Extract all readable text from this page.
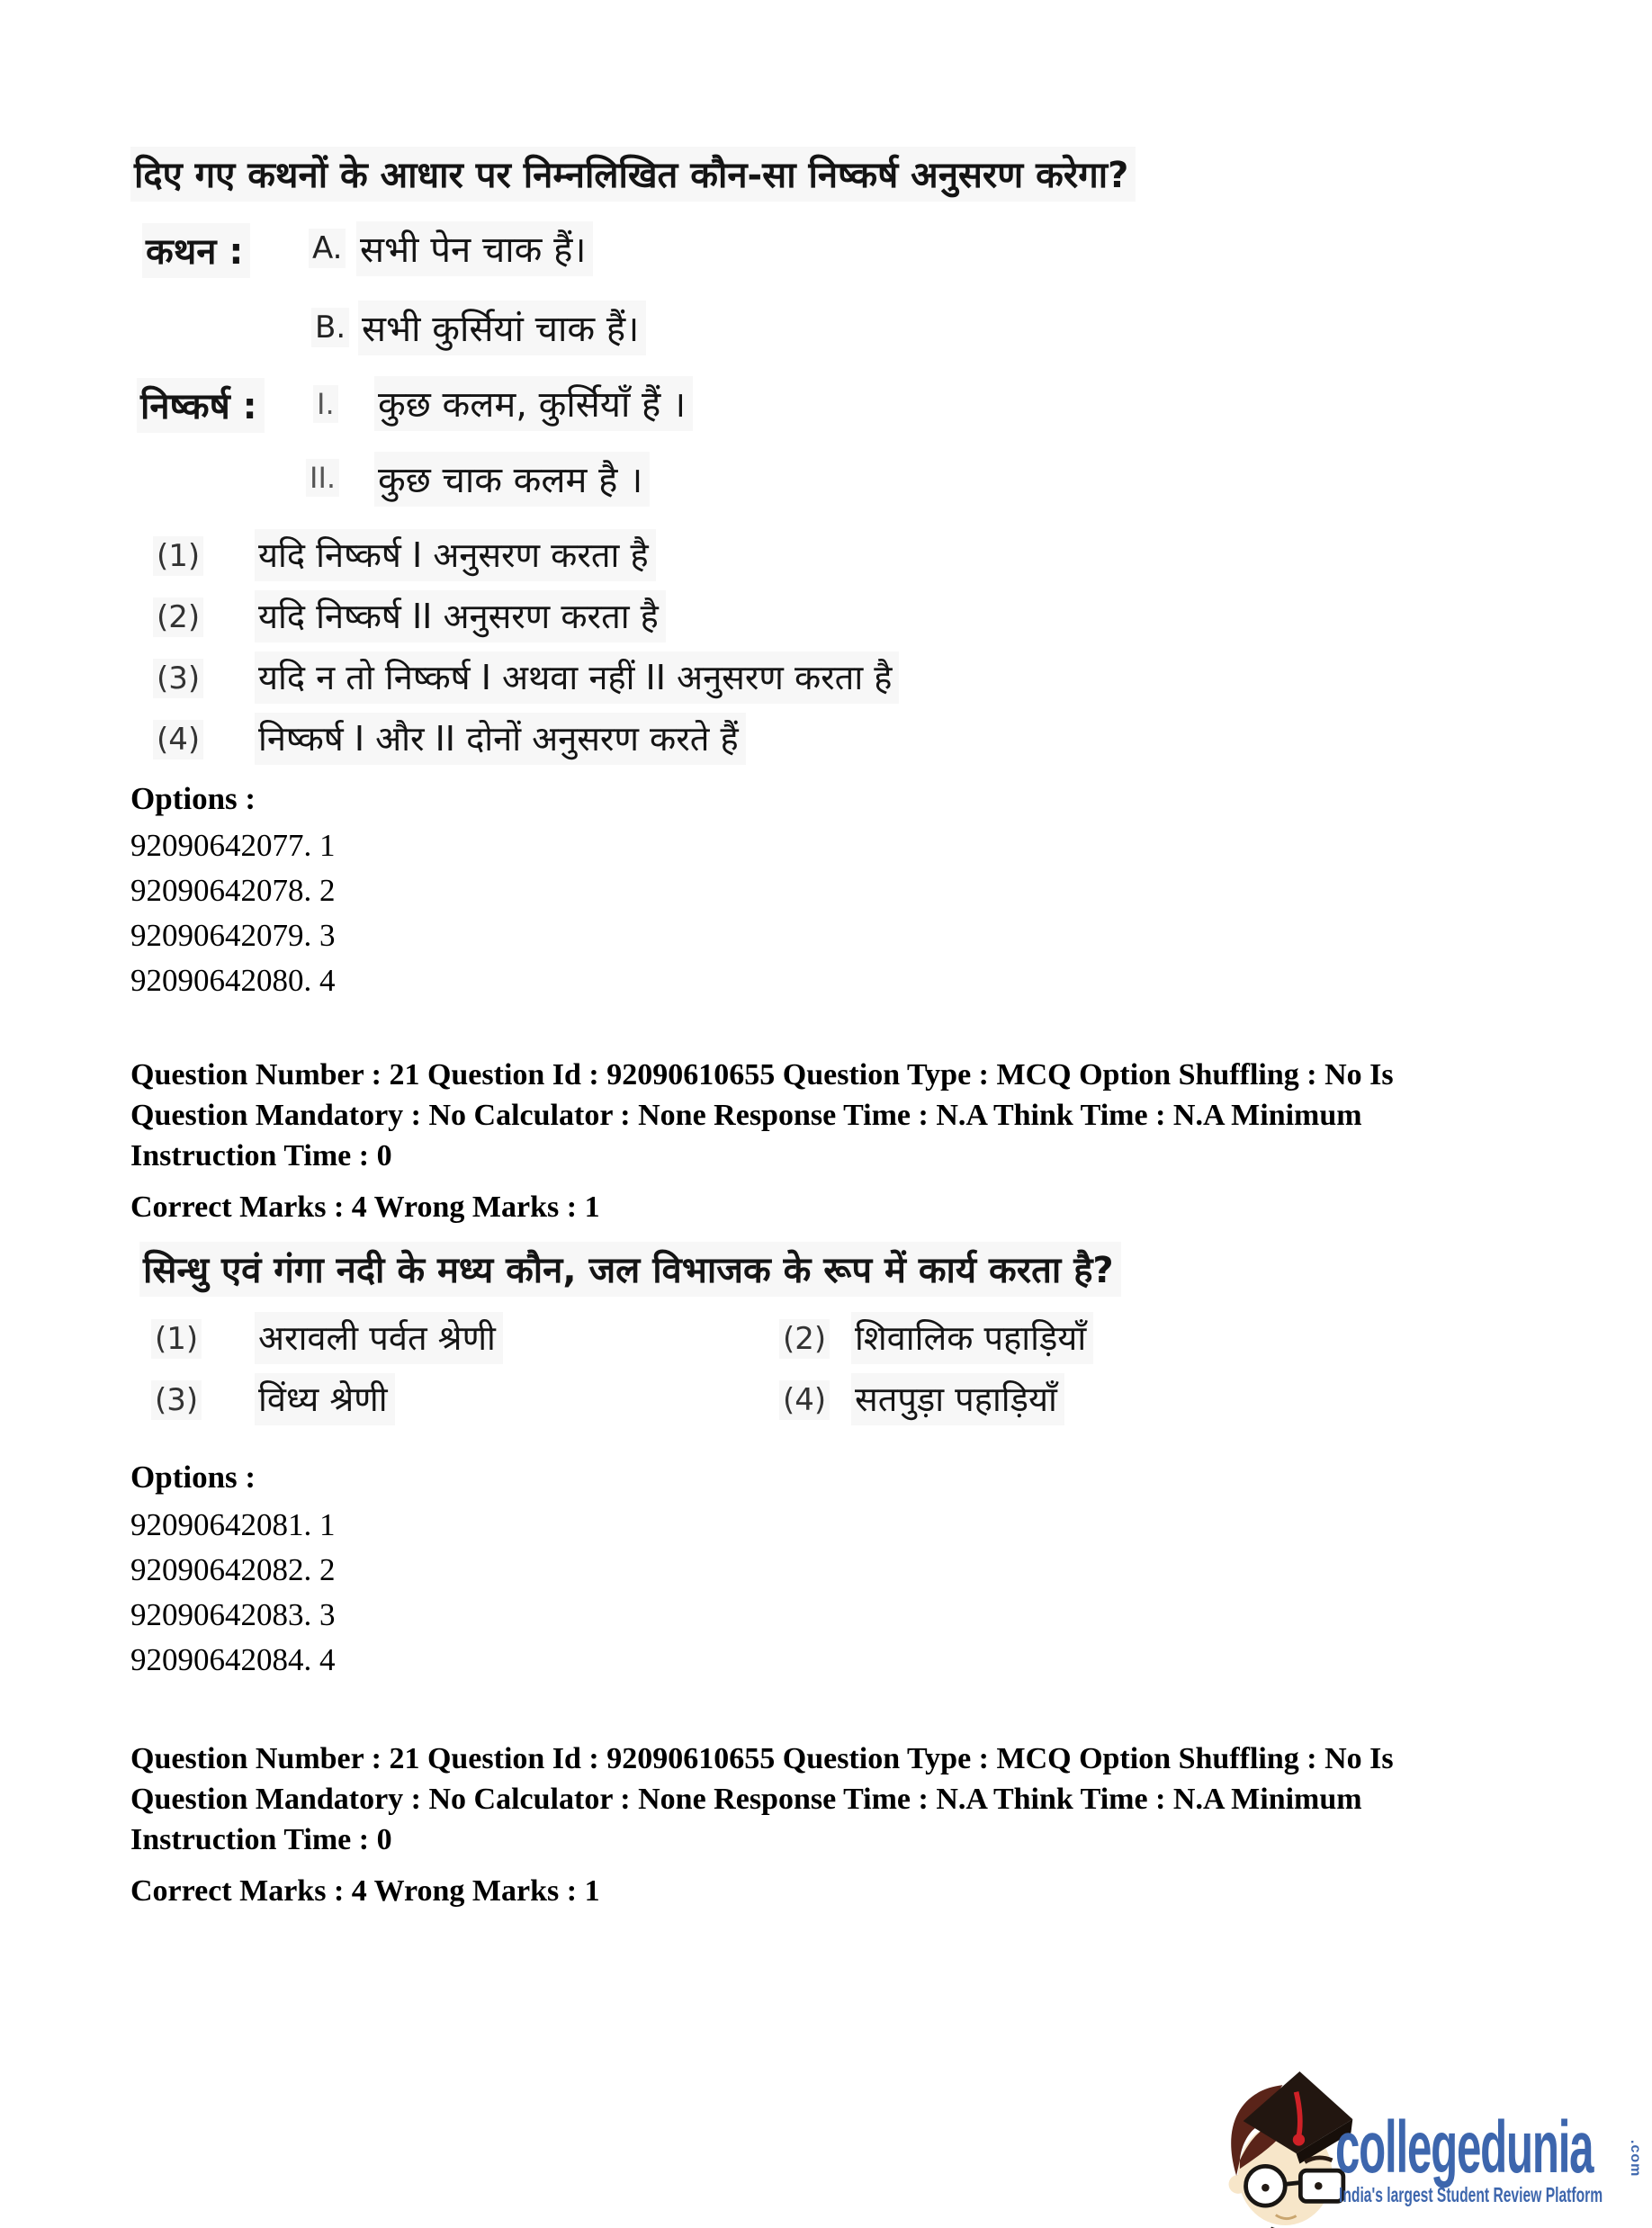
दिए गए कथनों के आधार पर निम्नलिखित कौन-सा निष्कर्ष अनुसरण करेगा?
कथन : A. सभी पेन चाक हैं।
B. सभी कुर्सियां चाक हैं।
निष्कर्ष : I. कुछ कलम, कुर्सियाँ हैं ।
II. कुछ चाक कलम है ।
(1) यदि निष्कर्ष I अनुसरण करता है
(2) यदि निष्कर्ष II अनुसरण करता है
(3) यदि न तो निष्कर्ष I अथवा नहीं II अनुसरण करता है
(4) निष्कर्ष I और II दोनों अनुसरण करते हैं
Options :
92090642077. 1
92090642078. 2
92090642079. 3
92090642080. 4

Question Number : 21 Question Id : 92090610655 Question Type : MCQ Option Shuffling : No Is

Question Mandatory : No Calculator : None Response Time : N.A Think Time : N.A Minimum

Instruction Time : 0

Correct Marks : 4 Wrong Marks : 1

सिन्धु एवं गंगा नदी के मध्य कौन, जल विभाजक के रूप में कार्य करता है?
(1) अरावली पर्वत श्रेणी	(2) शिवालिक पहाड़ियाँ
(3) विंध्य श्रेणी	(4) सतपुड़ा पहाड़ियाँ
Options :
92090642081. 1
92090642082. 2
92090642083. 3
92090642084. 4

Question Number : 21 Question Id : 92090610655 Question Type : MCQ Option Shuffling : No Is

Question Mandatory : No Calculator : None Response Time : N.A Think Time : N.A Minimum

Instruction Time : 0

Correct Marks : 4 Wrong Marks : 1

collegedunia .com
India's largest Student Review Platform
